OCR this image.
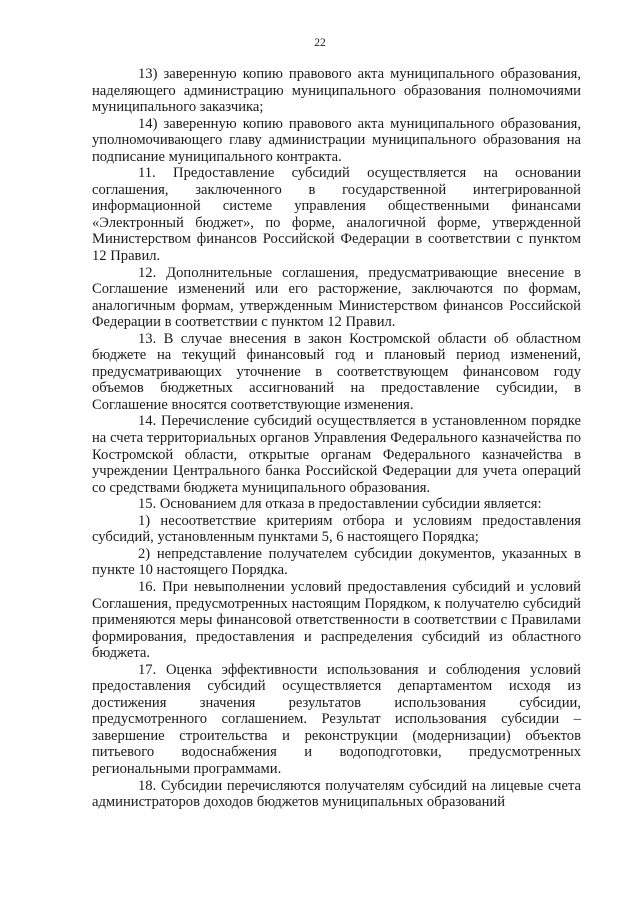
22

13) заверенную копию правового акта муниципального образования, наделяющего администрацию муниципального образования полномочиями муниципального заказчика;

14) заверенную копию правового акта муниципального образования, уполномочивающего главу администрации муниципального образования на подписание муниципального контракта.

11. Предоставление субсидий осуществляется на основании соглашения, заключенного в государственной интегрированной информационной системе управления общественными финансами «Электронный бюджет», по форме, аналогичной форме, утвержденной Министерством финансов Российской Федерации в соответствии с пунктом 12 Правил.

12. Дополнительные соглашения, предусматривающие внесение в Соглашение изменений или его расторжение, заключаются по формам, аналогичным формам, утвержденным Министерством финансов Российской Федерации в соответствии с пунктом 12 Правил.

13. В случае внесения в закон Костромской области об областном бюджете на текущий финансовый год и плановый период изменений, предусматривающих уточнение в соответствующем финансовом году объемов бюджетных ассигнований на предоставление субсидии, в Соглашение вносятся соответствующие изменения.

14. Перечисление субсидий осуществляется в установленном порядке на счета территориальных органов Управления Федерального казначейства по Костромской области, открытые органам Федерального казначейства в учреждении Центрального банка Российской Федерации для учета операций со средствами бюджета муниципального образования.

15. Основанием для отказа в предоставлении субсидии является:

1) несоответствие критериям отбора и условиям предоставления субсидий, установленным пунктами 5, 6 настоящего Порядка;

2) непредставление получателем субсидии документов, указанных в пункте 10 настоящего Порядка.

16. При невыполнении условий предоставления субсидий и условий Соглашения, предусмотренных настоящим Порядком, к получателю субсидий применяются меры финансовой ответственности в соответствии с Правилами формирования, предоставления и распределения субсидий из областного бюджета.

17. Оценка эффективности использования и соблюдения условий предоставления субсидий осуществляется департаментом исходя из достижения значения результатов использования субсидии, предусмотренного соглашением. Результат использования субсидии – завершение строительства и реконструкции (модернизации) объектов питьевого водоснабжения и водоподготовки, предусмотренных региональными программами.

18. Субсидии перечисляются получателям субсидий на лицевые счета администраторов доходов бюджетов муниципальных образований
